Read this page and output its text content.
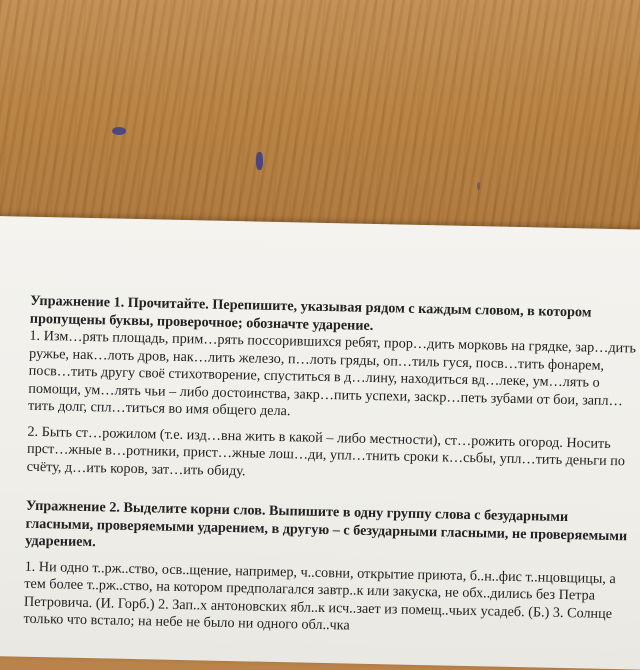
Упражнение 1. Прочитайте. Перепишите, указывая рядом с каждым словом, в котором пропущены буквы, проверочное; обозначте ударение.

1. Изм…рять площадь, прим…рять поссорившихся ребят, прор…дить морковь на грядке, зар…дить ружье, нак…лоть дров, нак…лить железо, п…лоть гряды, оп…тиль гуся, посв…тить фонарем, посв…тить другу своё стихотворение, спуститься в д…лину, находиться вд…леке, ум…лять о помощи, ум…лять чьи – либо достоинства, закр…пить успехи, заскр…петь зубами от бои, запл…тить долг, спл…титься во имя общего дела.

2. Быть ст…рожилом (т.е. изд…вна жить в какой – либо местности), ст…рожить огород. Носить прст…жные в…ротники, прист…жные лош…ди, упл…тнить сроки к…сьбы, упл…тить деньги по счёту, д…ить коров, зат…ить обиду.

Упражнение 2. Выделите корни слов. Выпишите в одну группу слова с безударными гласными, проверяемыми ударением, в другую – с безударными гласными, не проверяемыми ударением.

1. Ни одно т..рж..ство, осв..щение, например, ч..совни, открытие приюта, б..н..фис т..нцовщицы, а тем более т..рж..ство, на котором предполагался завтр..к или закуска, не обх..дились без Петра Петровича. (И. Горб.) 2. Зап..х антоновских ябл..к исч..зает из помещ..чьих усадеб. (Б.) 3. Солнце только что встало; на небе не было ни одного обл..чка
